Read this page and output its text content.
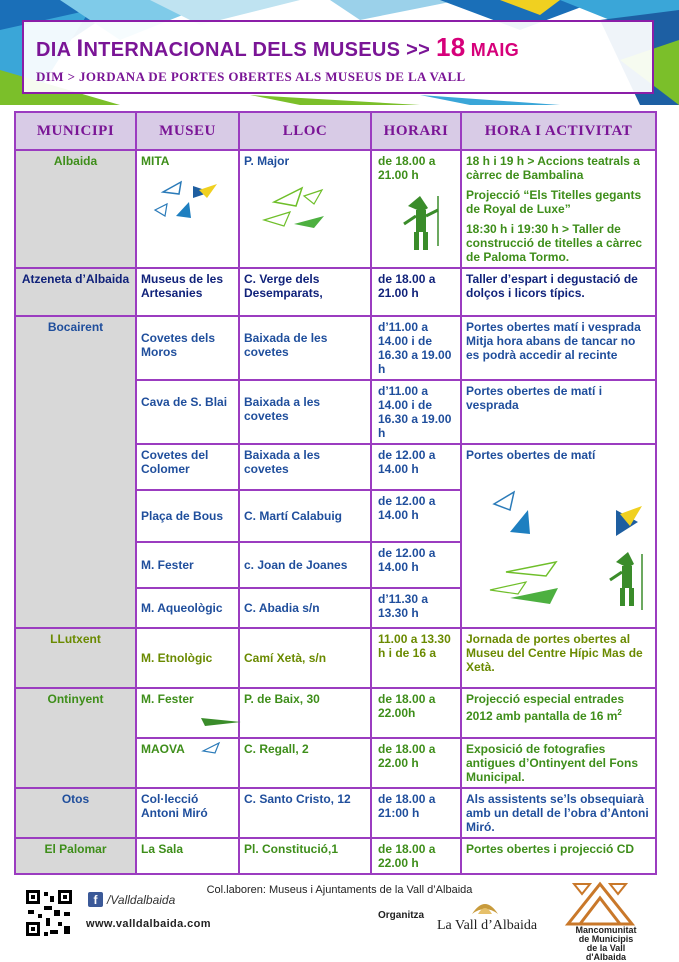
DIA INTERNACIONAL DELS MUSEUS >> 18 MAIG
DIM > JORDANA DE PORTES OBERTES ALS MUSEUS DE LA VALL
MUNICIPI	MUSEU	LLOC	HORARI	HORA I ACTIVITAT
Albaida	MITA	P. Major	de 18.00 a 21.00 h	18 h i 19 h > Accions teatrals a càrrec de Bambalina
Projecció “Els Titelles gegants de Royal de Luxe”
18:30 h i 19:30 h > Taller de construcció de titelles a càrrec de Paloma Tormo.

Atzeneta d’Albaida	Museus de les Artesanies	C. Verge dels Desemparats,	de 18.00 a 21.00 h	Taller d’espart i degustació de dolços i licors típics.
Bocairent	Covetes dels Moros	Baixada de les covetes	d’11.00 a 14.00 i de 16.30 a 19.00 h	Portes obertes matí i vesprada Mitja hora abans de tancar no es podrà accedir al recinte
	Cava de S. Blai	Baixada a les covetes	d’11.00 a 14.00 i de 16.30 a 19.00 h	Portes obertes de matí i vesprada
	Covetes del Colomer	Baixada a les covetes	de 12.00 a 14.00 h	Portes obertes de matí

	Plaça de Bous	C. Martí Calabuig	de 12.00 a 14.00 h	
	M. Fester	c. Joan de Joanes	de 12.00 a 14.00 h	
	M. Aqueològic	C. Abadia s/n	d’11.30 a 13.30 h	
LLutxent	M. Etnològic	Camí Xetà, s/n	11.00 a 13.30 h i de 16 a	Jornada de portes obertes al Museu del Centre Hípic Mas de Xetà.
Ontinyent	M. Fester	P. de Baix, 30	de 18.00 a 22.00h	Projecció especial entrades 2012 amb pantalla de 16 $m^2$
	MAOVA	C. Regall, 2	de 18.00 a 22.00 h	Exposició de fotografies antigues d’Ontinyent del Fons Municipal.
Otos	Col·lecció Antoni Miró	C. Santo Cristo, 12	de 18.00 a 21:00 h	Als assistents se’ls obsequiarà amb un detall de l’obra d’Antoni Miró.
El Palomar	La Sala	Pl. Constitució,1	de 18.00 a 22.00 h	Portes obertes i projecció CD
Col.laboren: Museus i Ajuntaments de la Vall d’Albaida
f /Valldalbaida
www.valldalbaida.com
Organitza
La Vall d’Albaida	Mancomunitat
de Municipis
de la Vall
d'Albaida
